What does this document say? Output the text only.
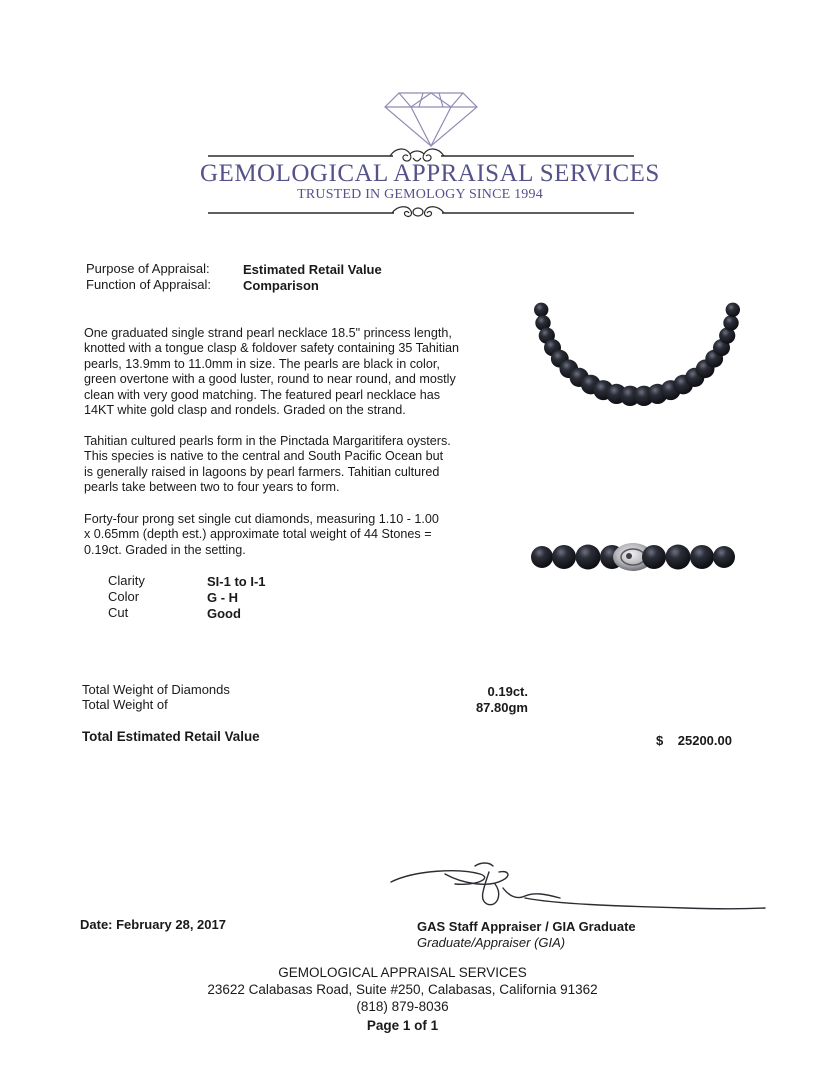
GEMOLOGICAL APPRAISAL SERVICES
TRUSTED IN GEMOLOGY SINCE 1994
Purpose of Appraisal:	Estimated Retail Value
Function of Appraisal: Comparison
One graduated single strand pearl necklace 18.5" princess length,
knotted with a tongue clasp & foldover safety containing 35 Tahitian
pearls, 13.9mm to 11.0mm in size. The pearls are black in color,
green overtone with a good luster, round to near round, and mostly
clean with very good matching. The featured pearl necklace has
14KT white gold clasp and rondels. Graded on the strand.
Tahitian cultured pearls form in the Pinctada Margaritifera oysters.
This species is native to the central and South Pacific Ocean but
is generally raised in lagoons by pearl farmers. Tahitian cultured
pearls take between two to four years to form.
Forty-four prong set single cut diamonds, measuring 1.10 - 1.00
x 0.65mm (depth est.) approximate total weight of 44 Stones =
0.19ct. Graded in the setting.
Clarity	SI-1 to I-1
Color	G - H
Cut	Good
Total Weight of Diamonds	0.19ct.
Total Weight of	87.80gm
Total Estimated Retail Value	$	25200.00
Date: February 28, 2017	GAS Staff Appraiser / GIA Graduate
Graduate/Appraiser (GIA)
GEMOLOGICAL APPRAISAL SERVICES
23622 Calabasas Road, Suite #250, Calabasas, California 91362
(818) 879-8036
Page 1 of 1
